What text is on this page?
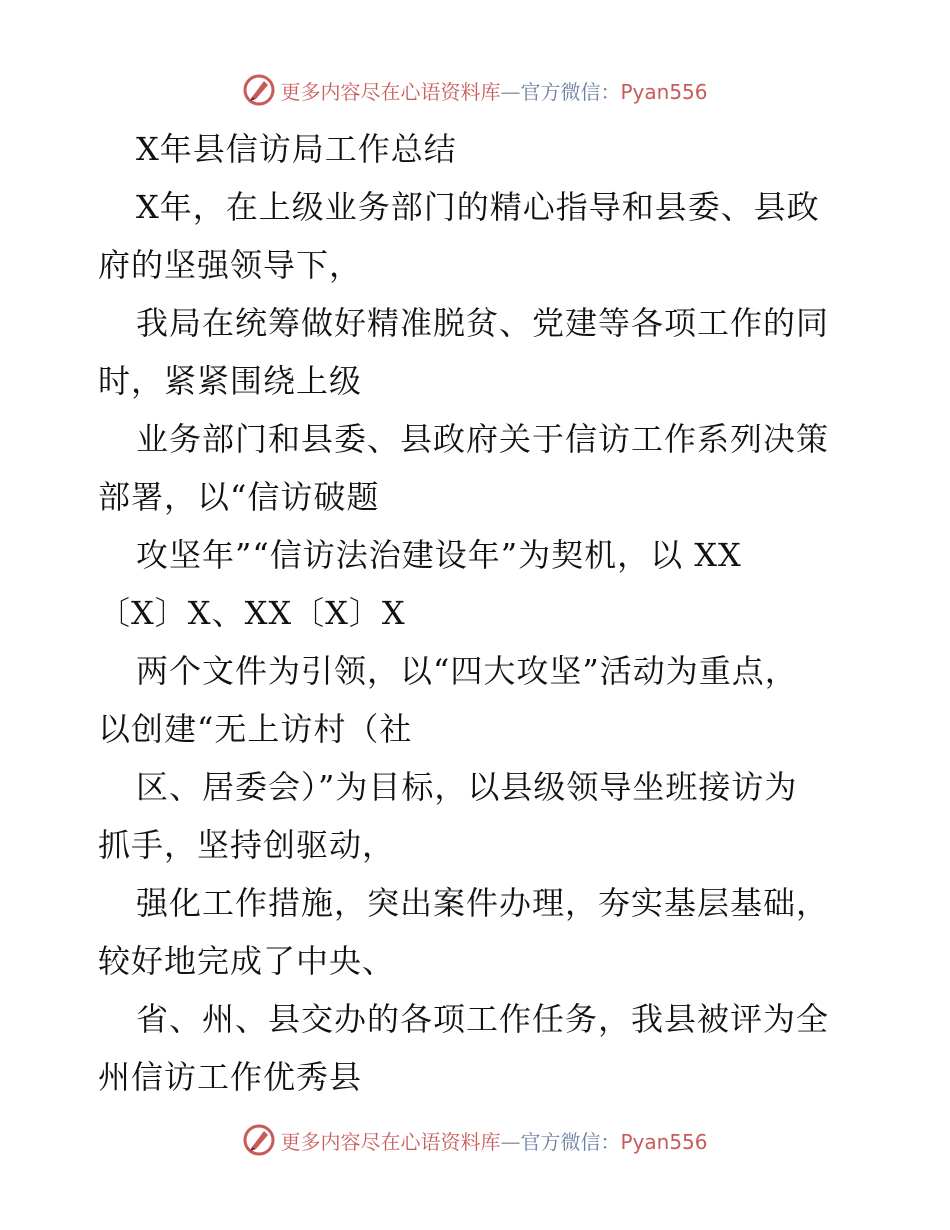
更多内容尽在心语资料库—官方微信：Pyan556
X年县信访局工作总结
X年，在上级业务部门的精心指导和县委、县政
府的坚强领导下，
我局在统筹做好精准脱贫、党建等各项工作的同
时，紧紧围绕上级
业务部门和县委、县政府关于信访工作系列决策
部署，以“信访破题
攻坚年”“信访法治建设年”为契机，以 XX
〔X〕X、XX〔X〕X
两个文件为引领，以“四大攻坚”活动为重点，
以创建“无上访村（社
区、居委会）”为目标，以县级领导坐班接访为
抓手，坚持创驱动，
强化工作措施，突出案件办理，夯实基层基础，
较好地完成了中央、
省、州、县交办的各项工作任务，我县被评为全
州信访工作优秀县
更多内容尽在心语资料库—官方微信：Pyan556
